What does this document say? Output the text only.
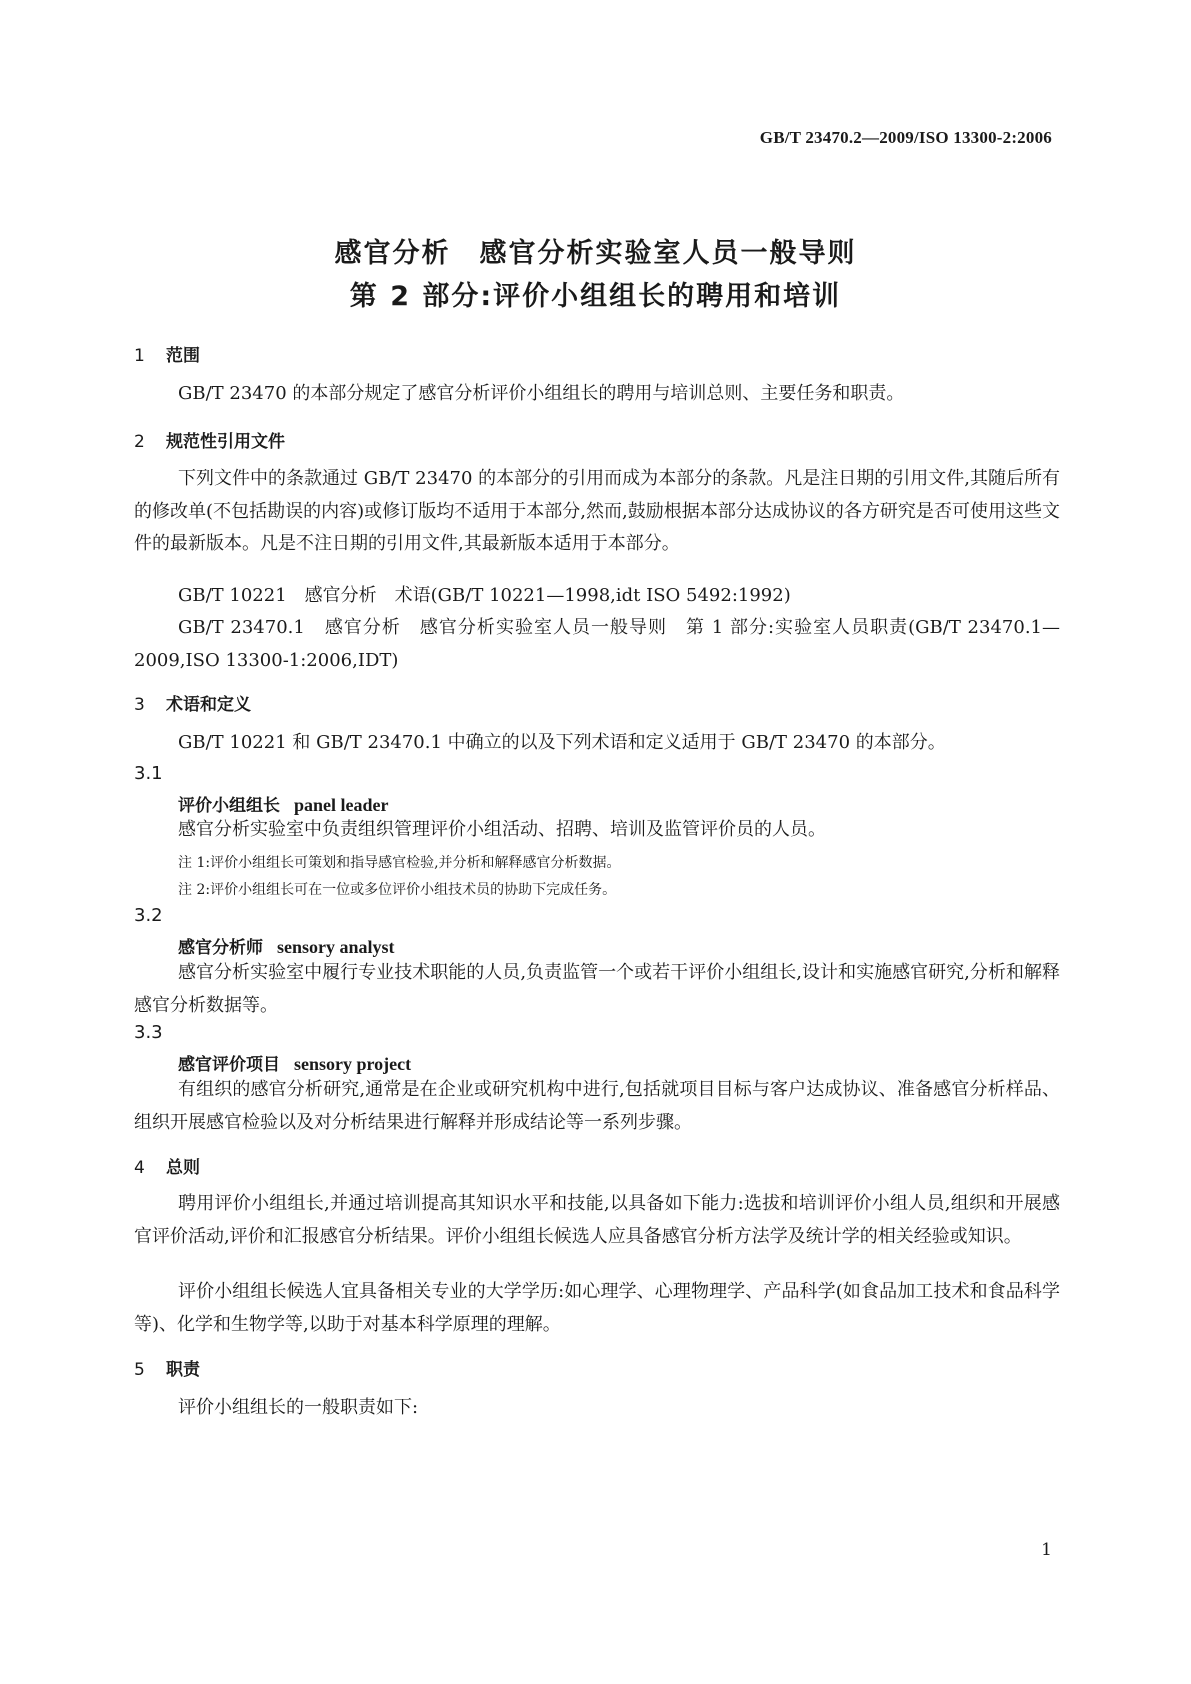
GB/T 23470.2—2009/ISO 13300-2:2006
感官分析　感官分析实验室人员一般导则
第 2 部分:评价小组组长的聘用和培训
1 范围
GB/T 23470 的本部分规定了感官分析评价小组组长的聘用与培训总则、主要任务和职责。
2 规范性引用文件
下列文件中的条款通过 GB/T 23470 的本部分的引用而成为本部分的条款。凡是注日期的引用文件,其随后所有的修改单(不包括勘误的内容)或修订版均不适用于本部分,然而,鼓励根据本部分达成协议的各方研究是否可使用这些文件的最新版本。凡是不注日期的引用文件,其最新版本适用于本部分。
GB/T 10221　感官分析　术语(GB/T 10221—1998,idt ISO 5492:1992)
GB/T 23470.1　感官分析　感官分析实验室人员一般导则　第 1 部分:实验室人员职责(GB/T 23470.1—2009,ISO 13300-1:2006,IDT)
3 术语和定义
GB/T 10221 和 GB/T 23470.1 中确立的以及下列术语和定义适用于 GB/T 23470 的本部分。
3.1
评价小组组长 panel leader
感官分析实验室中负责组织管理评价小组活动、招聘、培训及监管评价员的人员。
注 1:评价小组组长可策划和指导感官检验,并分析和解释感官分析数据。
注 2:评价小组组长可在一位或多位评价小组技术员的协助下完成任务。
3.2
感官分析师 sensory analyst
感官分析实验室中履行专业技术职能的人员,负责监管一个或若干评价小组组长,设计和实施感官研究,分析和解释感官分析数据等。
3.3
感官评价项目 sensory project
有组织的感官分析研究,通常是在企业或研究机构中进行,包括就项目目标与客户达成协议、准备感官分析样品、组织开展感官检验以及对分析结果进行解释并形成结论等一系列步骤。
4 总则
聘用评价小组组长,并通过培训提高其知识水平和技能,以具备如下能力:选拔和培训评价小组人员,组织和开展感官评价活动,评价和汇报感官分析结果。评价小组组长候选人应具备感官分析方法学及统计学的相关经验或知识。
评价小组组长候选人宜具备相关专业的大学学历:如心理学、心理物理学、产品科学(如食品加工技术和食品科学等)、化学和生物学等,以助于对基本科学原理的理解。
5 职责
评价小组组长的一般职责如下:
1
